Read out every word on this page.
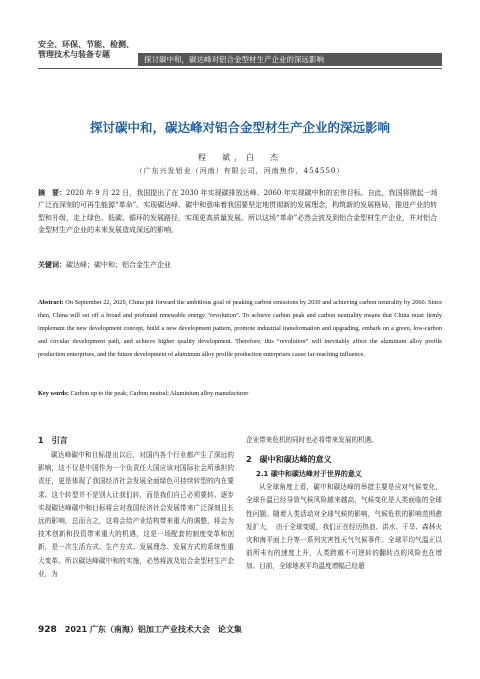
安全、环保、节能、检测、
管理技术与装备专题
探讨碳中和，碳达峰对铝合金型材生产企业的深远影响
探讨碳中和，碳达峰对铝合金型材生产企业的深远影响
程　斌，白　杰
（广东兴发铝业（河南）有限公司，河南焦作，454550）
摘　要：2020 年 9 月 22 日，我国提出了在 2030 年实现碳排放达峰、2060 年实现碳中和的宏伟目标。自此，我国将掀起一场广泛而深刻的可再生能源“革命”。实现碳达峰、碳中和意味着我国要坚定地贯彻新的发展理念，构筑新的发展格局，推进产业的转型和升级，走上绿色、低碳、循环的发展路径，实现更高质量发展。所以这场“革命”必然会波及到铝合金型材生产企业，并对铝合金型材生产企业的未来发展造成深远的影响。
关键词：碳达峰；碳中和；铝合金生产企业
Abstract: On September 22, 2020, China put forward the ambitious goal of peaking carbon emissions by 2030 and achieving carbon neutrality by 2060. Since then, China will set off a broad and profound renewable energy “revolution”. To achieve carbon peak and carbon neutrality means that China must firmly implement the new development concept, build a new development pattern, promote industrial transformation and upgrading, embark on a green, low-carbon and circular development path, and achieve higher quality development. Therefore, this “revolution” will inevitably affect the aluminum alloy profile production enterprises, and the future development of aluminum alloy profile production enterprises cause far-reaching influence.
Key words: Carbon up to the peak; Carbon neutral; Aluminium alloy manufacturer
1　引言

碳达峰碳中和目标提出以后，对国内各个行业都产生了深远的影响，这不仅是中国作为一个负责任大国应该对国际社会所承担的责任，更是体现了我国经济社会发展全面绿色可持续转型的内在要求。这个转型并不是别人让我们转，而是我们自己必须要转。逐步实现碳达峰碳中和目标将会对我国经济社会发展带来广泛深刻且长远的影响，总而言之，这将会给产业结构带来重大的调整，将会为技术创新和投资带来重大的机遇，这是一场配套的制度变革和创新，是一次生活方式、生产方式、发展理念、发展方式的系统性重大变革。所以碳达峰碳中和的实施，必然将波及铝合金型材生产企业，为

企业带来危机的同时也必将带来发展的机遇。

2　碳中和碳达峰的意义
2.1 碳中和碳达峰对于世界的意义

从全球角度上看，碳中和碳达峰的举措主要是应对气候变化，全球升温已经导致气候风险越来越高，气候变化是人类面临的全球性问题。随着人类活动对全球气候的影响，气候危机的影响范围愈发扩大，　由于全球变暖，我们正在经历热浪、洪水、干旱、森林火灾和海平面上升等一系列灾害性天气气候事件。全球平均气温正以前所未有的速度上升，人类跨越不可逆转的翻转点的风险也在增加。目前，全球地表平均温度增幅已经超

928 2021 广东（南海）铝加工产业技术大会　论文集
